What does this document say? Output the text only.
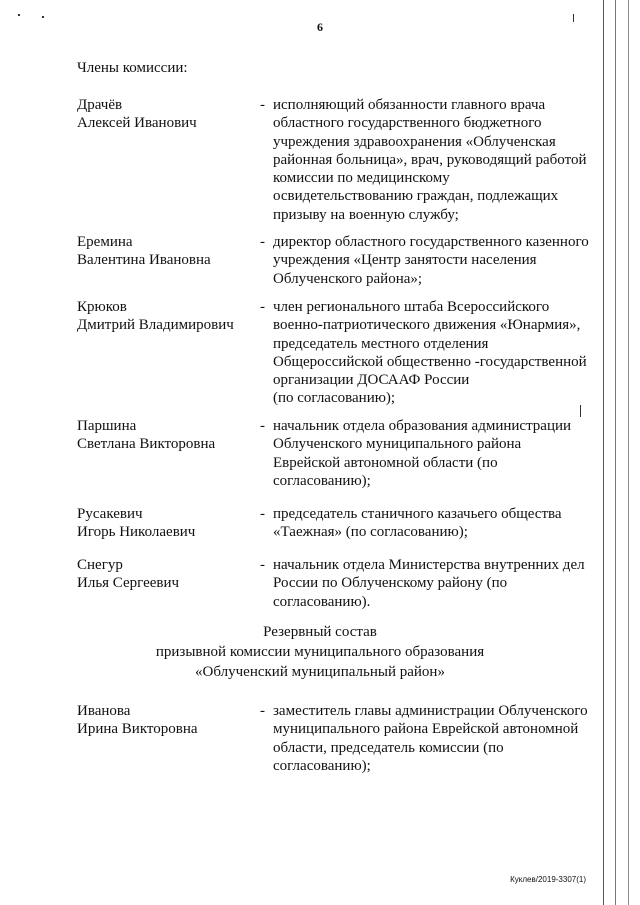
6
Члены комиссии:
Драчёв
Алексей Иванович
- исполняющий обязанности главного врача
областного государственного бюджетного
учреждения здравоохранения «Облученская
районная больница», врач, руководящий работой
комиссии по медицинскому
освидетельствованию граждан, подлежащих
призыву на военную службу;
Еремина
Валентина Ивановна
- директор областного государственного казенного
учреждения «Центр занятости населения
Облученского района»;
Крюков
Дмитрий Владимирович
- член регионального штаба Всероссийского
военно-патриотического движения «Юнармия»,
председатель местного отделения
Общероссийской общественно -государственной
организации ДОСААФ России
(по согласованию);
Паршина
Светлана Викторовна
- начальник отдела образования администрации
Облученского муниципального района
Еврейской автономной области (по
согласованию);
Русакевич
Игорь Николаевич
- председатель станичного казачьего общества
«Таежная» (по согласованию);
Снегур
Илья Сергеевич
- начальник отдела Министерства внутренних дел
России по Облученскому району (по
согласованию).
Резервный состав
призывной комиссии муниципального образования
«Облученский муниципальный район»
Иванова
Ирина Викторовна
- заместитель главы администрации Облученского
муниципального района Еврейской автономной
области, председатель комиссии (по
согласованию);
Куклев/2019-3307(1)
